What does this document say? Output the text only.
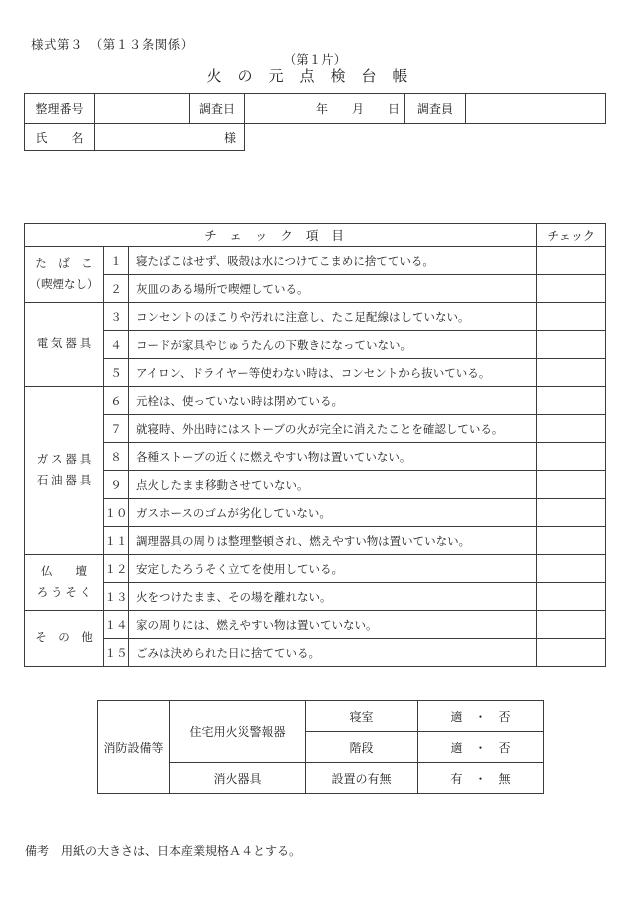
様式第３　（第１３条関係）
（第１片）
火の元点検台帳
整理番号		調査日	年　　月　　日	調査員	
氏　　名	様				
チェック項目			チェック

た　ば　こ
（喫煙なし）	１	寝たばこはせず、吸殻は水につけてこまめに捨てている。	
	２	灰皿のある場所で喫煙している。	

電 気 器 具	３	コンセントのほこりや汚れに注意し、たこ足配線はしていない。	
	４	コードが家具やじゅうたんの下敷きになっていない。	
	５	アイロン、ドライヤー等使わない時は、コンセントから抜いている。	

ガ ス 器 具
石 油 器 具	６	元栓は、使っていない時は閉めている。	
	７	就寝時、外出時にはストーブの火が完全に消えたことを確認している。	
	８	各種ストーブの近くに燃えやすい物は置いていない。	
	９	点火したまま移動させていない。	
	１０	ガスホースのゴムが劣化していない。	
	１１	調理器具の周りは整理整頓され、燃えやすい物は置いていない。	

仏　　壇
ろ う そ く	１２	安定したろうそく立てを使用している。	
	１３	火をつけたまま、その場を離れない。	

そ　の　他	１４	家の周りには、燃えやすい物は置いていない。	
	１５	ごみは決められた日に捨てている。	
消防設備等	住宅用火災警報器	寝室	適　・　否
		階段	適　・　否
	消火器具	設置の有無	有　・　無
備考 用紙の大きさは、日本産業規格Ａ４とする。
